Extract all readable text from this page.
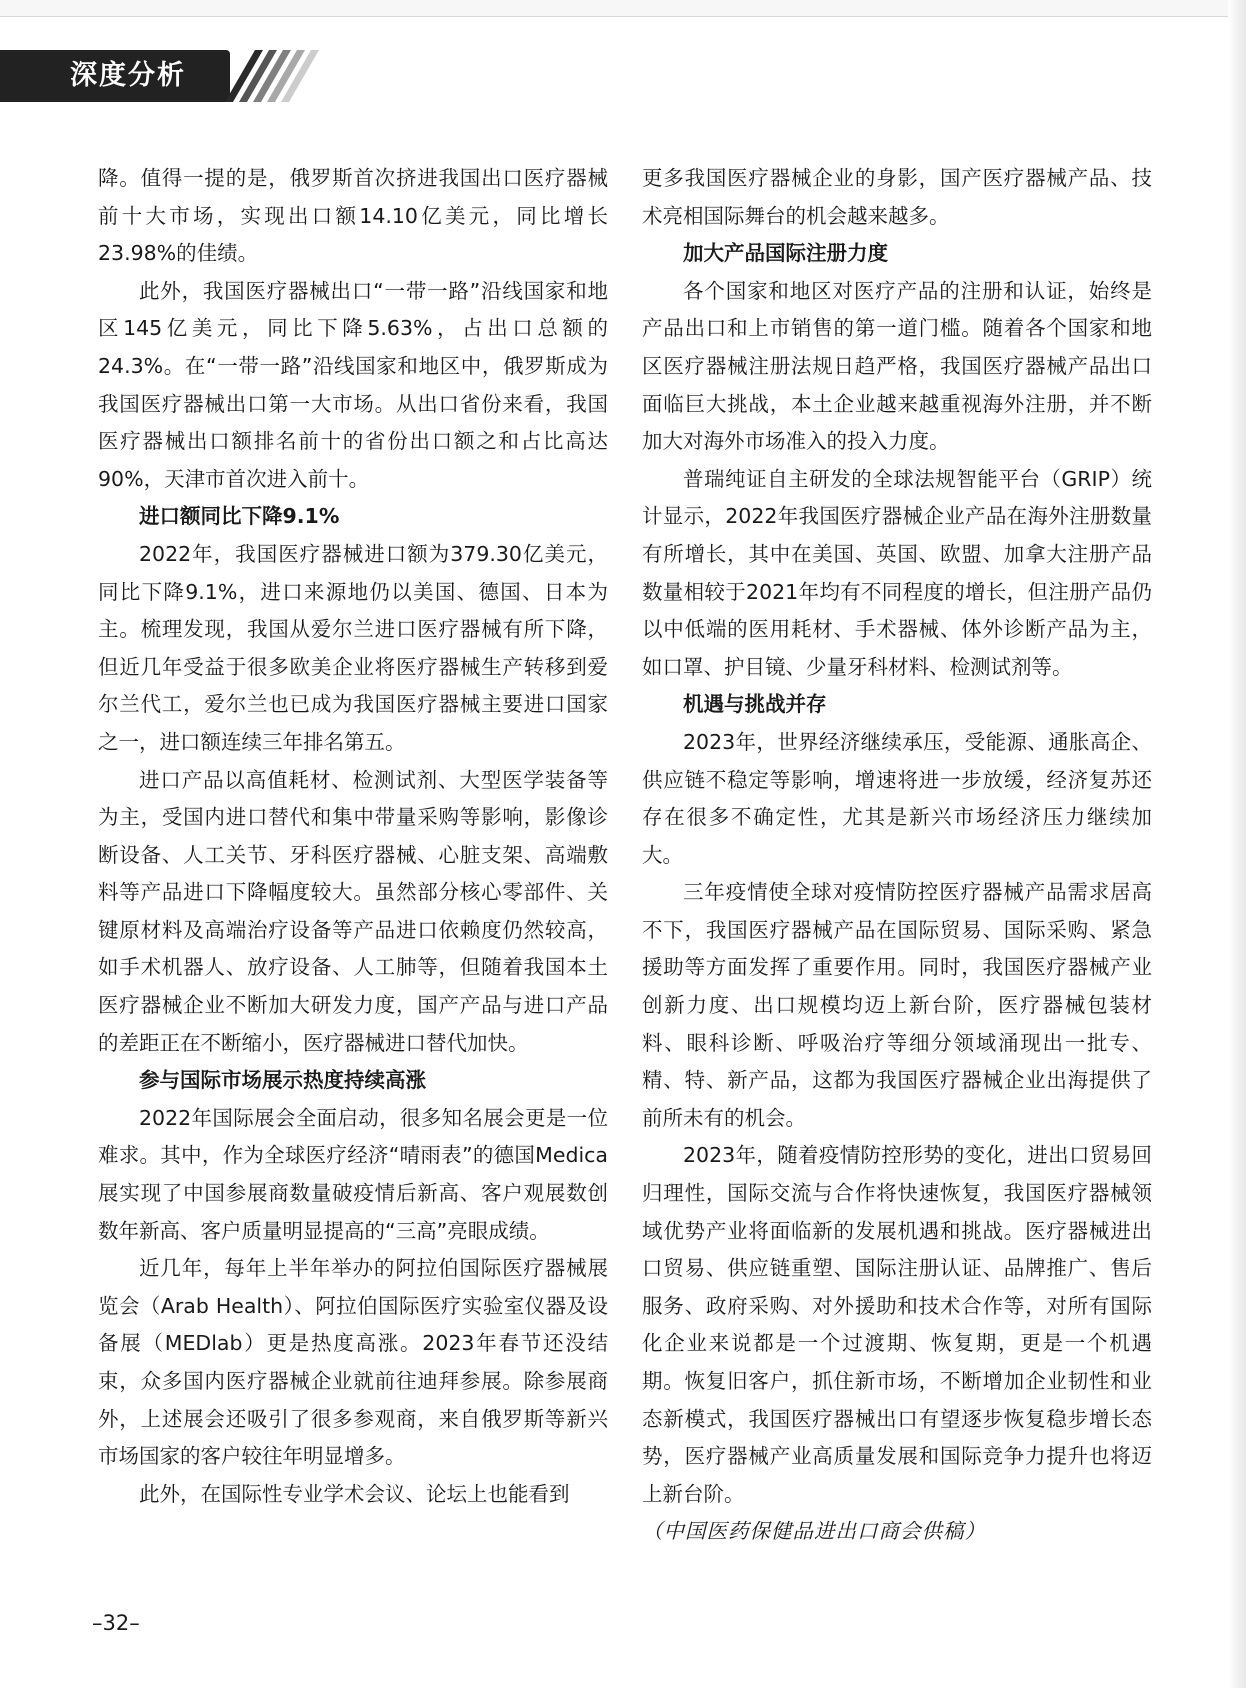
深度分析

降。值得一提的是，俄罗斯首次挤进我国出口医疗器械前十大市场，实现出口额14.10亿美元，同比增长23.98%的佳绩。

此外，我国医疗器械出口“一带一路”沿线国家和地区145亿美元，同比下降5.63%，占出口总额的24.3%。在“一带一路”沿线国家和地区中，俄罗斯成为我国医疗器械出口第一大市场。从出口省份来看，我国医疗器械出口额排名前十的省份出口额之和占比高达90%，天津市首次进入前十。

进口额同比下降9.1%

2022年，我国医疗器械进口额为379.30亿美元，同比下降9.1%，进口来源地仍以美国、德国、日本为主。梳理发现，我国从爱尔兰进口医疗器械有所下降，但近几年受益于很多欧美企业将医疗器械生产转移到爱尔兰代工，爱尔兰也已成为我国医疗器械主要进口国家之一，进口额连续三年排名第五。

进口产品以高值耗材、检测试剂、大型医学装备等为主，受国内进口替代和集中带量采购等影响，影像诊断设备、人工关节、牙科医疗器械、心脏支架、高端敷料等产品进口下降幅度较大。虽然部分核心零部件、关键原材料及高端治疗设备等产品进口依赖度仍然较高，如手术机器人、放疗设备、人工肺等，但随着我国本土医疗器械企业不断加大研发力度，国产产品与进口产品的差距正在不断缩小，医疗器械进口替代加快。

参与国际市场展示热度持续高涨

2022年国际展会全面启动，很多知名展会更是一位难求。其中，作为全球医疗经济“晴雨表”的德国Medica展实现了中国参展商数量破疫情后新高、客户观展数创数年新高、客户质量明显提高的“三高”亮眼成绩。

近几年，每年上半年举办的阿拉伯国际医疗器械展览会（Arab Health）、阿拉伯国际医疗实验室仪器及设备展（MEDlab）更是热度高涨。2023年春节还没结束，众多国内医疗器械企业就前往迪拜参展。除参展商外，上述展会还吸引了很多参观商，来自俄罗斯等新兴市场国家的客户较往年明显增多。

此外，在国际性专业学术会议、论坛上也能看到

更多我国医疗器械企业的身影，国产医疗器械产品、技术亮相国际舞台的机会越来越多。

加大产品国际注册力度

各个国家和地区对医疗产品的注册和认证，始终是产品出口和上市销售的第一道门槛。随着各个国家和地区医疗器械注册法规日趋严格，我国医疗器械产品出口面临巨大挑战，本土企业越来越重视海外注册，并不断加大对海外市场准入的投入力度。

普瑞纯证自主研发的全球法规智能平台（GRIP）统计显示，2022年我国医疗器械企业产品在海外注册数量有所增长，其中在美国、英国、欧盟、加拿大注册产品数量相较于2021年均有不同程度的增长，但注册产品仍以中低端的医用耗材、手术器械、体外诊断产品为主，如口罩、护目镜、少量牙科材料、检测试剂等。

机遇与挑战并存

2023年，世界经济继续承压，受能源、通胀高企、供应链不稳定等影响，增速将进一步放缓，经济复苏还存在很多不确定性，尤其是新兴市场经济压力继续加大。

三年疫情使全球对疫情防控医疗器械产品需求居高不下，我国医疗器械产品在国际贸易、国际采购、紧急援助等方面发挥了重要作用。同时，我国医疗器械产业创新力度、出口规模均迈上新台阶，医疗器械包装材料、眼科诊断、呼吸治疗等细分领域涌现出一批专、精、特、新产品，这都为我国医疗器械企业出海提供了前所未有的机会。

2023年，随着疫情防控形势的变化，进出口贸易回归理性，国际交流与合作将快速恢复，我国医疗器械领域优势产业将面临新的发展机遇和挑战。医疗器械进出口贸易、供应链重塑、国际注册认证、品牌推广、售后服务、政府采购、对外援助和技术合作等，对所有国际化企业来说都是一个过渡期、恢复期，更是一个机遇期。恢复旧客户，抓住新市场，不断增加企业韧性和业态新模式，我国医疗器械出口有望逐步恢复稳步增长态势，医疗器械产业高质量发展和国际竞争力提升也将迈上新台阶。

（中国医药保健品进出口商会供稿）

–32–
